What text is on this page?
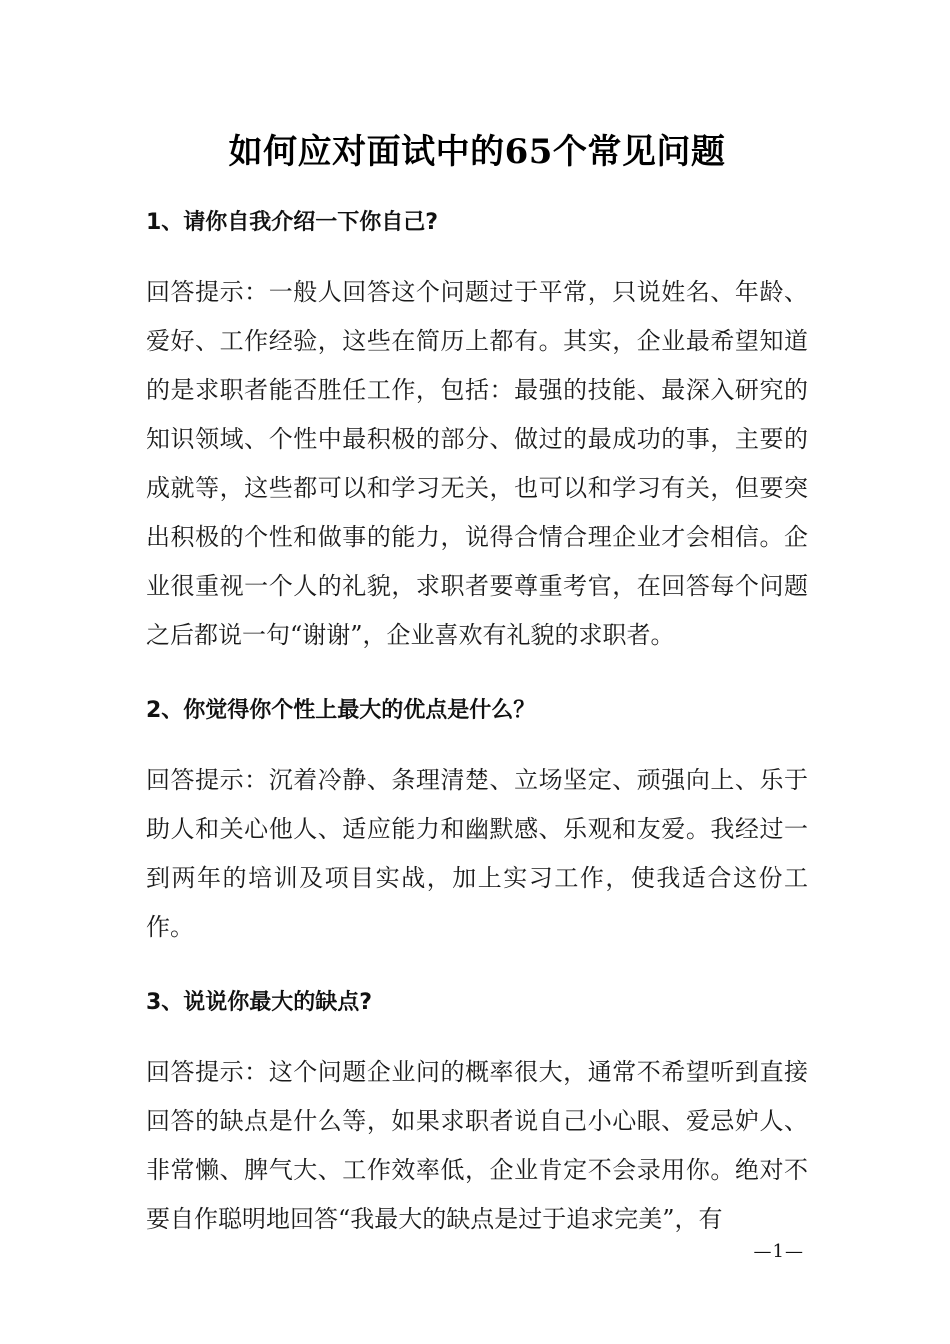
如何应对面试中的65个常见问题
1、请你自我介绍一下你自己?

回答提示：一般人回答这个问题过于平常，只说姓名、年龄、爱好、工作经验，这些在简历上都有。其实，企业最希望知道的是求职者能否胜任工作，包括：最强的技能、最深入研究的知识领域、个性中最积极的部分、做过的最成功的事，主要的成就等，这些都可以和学习无关，也可以和学习有关，但要突出积极的个性和做事的能力，说得合情合理企业才会相信。企业很重视一个人的礼貌，求职者要尊重考官，在回答每个问题之后都说一句“谢谢”，企业喜欢有礼貌的求职者。

2、你觉得你个性上最大的优点是什么？

回答提示：沉着冷静、条理清楚、立场坚定、顽强向上、乐于助人和关心他人、适应能力和幽默感、乐观和友爱。我经过一到两年的培训及项目实战，加上实习工作，使我适合这份工作。

3、说说你最大的缺点?

回答提示：这个问题企业问的概率很大，通常不希望听到直接回答的缺点是什么等，如果求职者说自己小心眼、爱忌妒人、非常懒、脾气大、工作效率低，企业肯定不会录用你。绝对不要自作聪明地回答“我最大的缺点是过于追求完美”，有

—1—
